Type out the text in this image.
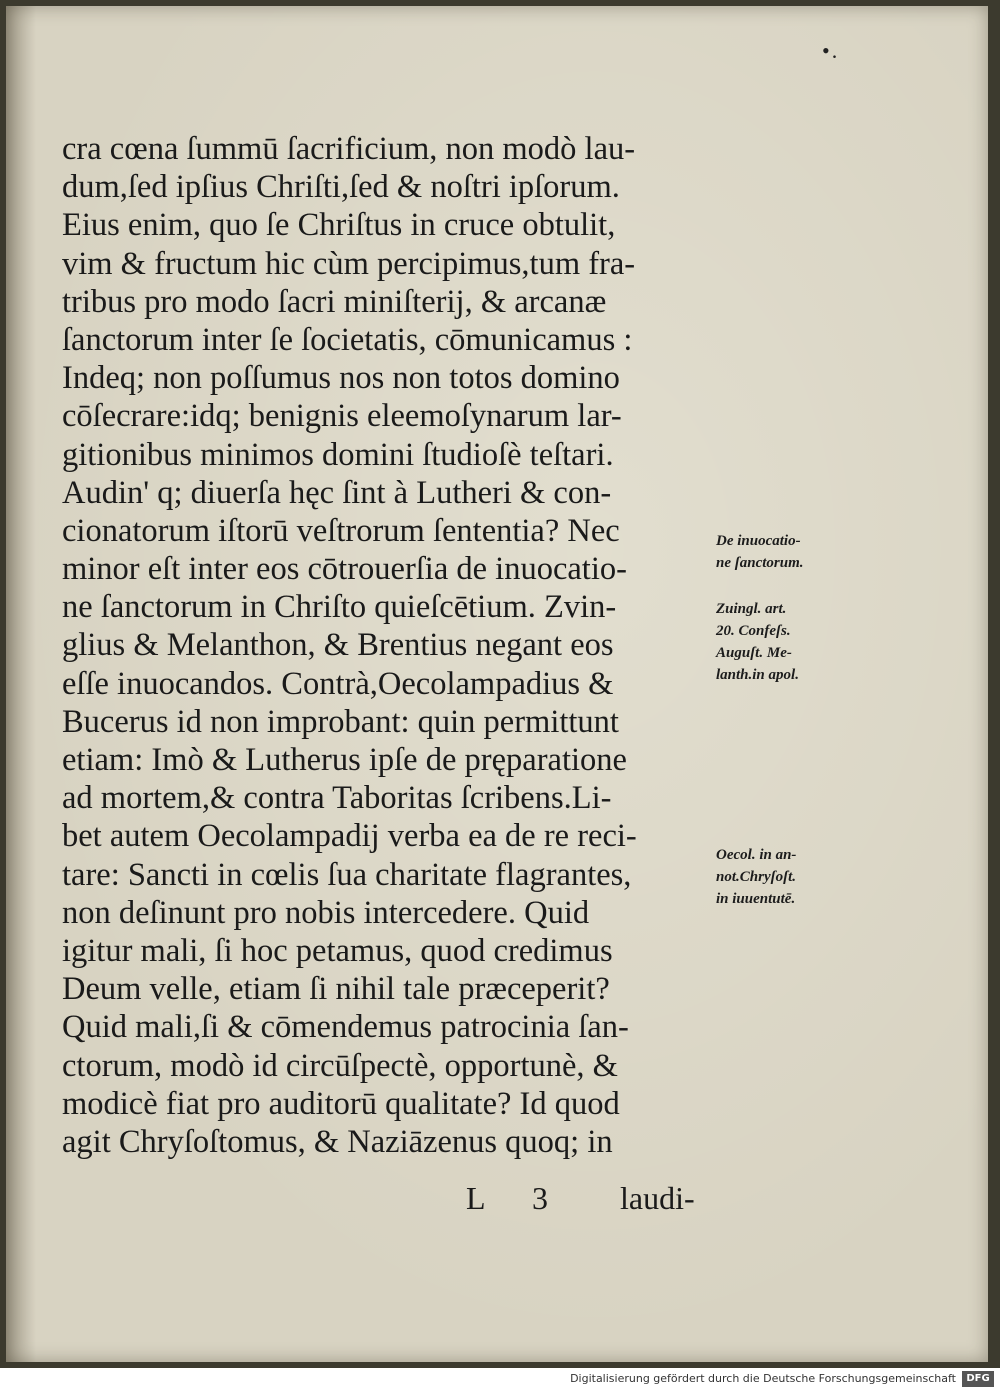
•.
cra cœna ſummū ſacrificium, non modò lau-
dum,ſed ipſius Chriſti,ſed & noſtri ipſorum.
Eius enim, quo ſe Chriſtus in cruce obtulit,
vim & fructum hic cùm percipimus,tum fra-
tribus pro modo ſacri miniſterij, & arcanæ
ſanctorum inter ſe ſocietatis, cōmunicamus :
Indeq; non poſſumus nos non totos domino
cōſecrare:idq; benignis eleemoſynarum lar-
gitionibus minimos domini ſtudioſè teſtari.
Audin' q; diuerſa hęc ſint à Lutheri & con-
cionatorum iſtorū veſtrorum ſententia? Nec
minor eſt inter eos cōtrouerſia de inuocatio-
ne ſanctorum in Chriſto quieſcētium. Zvin-
glius & Melanthon, & Brentius negant eos
eſſe inuocandos. Contrà,Oecolampadius &
Bucerus id non improbant: quin permittunt
etiam: Imò & Lutherus ipſe de pręparatione
ad mortem,& contra Taboritas ſcribens.Li-
bet autem Oecolampadij verba ea de re reci-
tare: Sancti in cœlis ſua charitate flagrantes,
non deſinunt pro nobis intercedere. Quid
igitur mali, ſi hoc petamus, quod credimus
Deum velle, etiam ſi nihil tale præceperit?
Quid mali,ſi & cōmendemus patrocinia ſan-
ctorum, modò id circūſpectè, opportunè, &
modicè fiat pro auditorū qualitate? Id quod
agit Chryſoſtomus, & Naziāzenus quoq; in
De inuocatio-
ne ſanctorum.
Zuingl. art.
20. Confeſs.
Auguſt. Me-
lanth.in apol.
Oecol. in an-
not.Chryſoſt.
in iuuentutē.
L 3 laudi-
Digitalisierung gefördert durch die Deutsche Forschungsgemeinschaft	DFG
